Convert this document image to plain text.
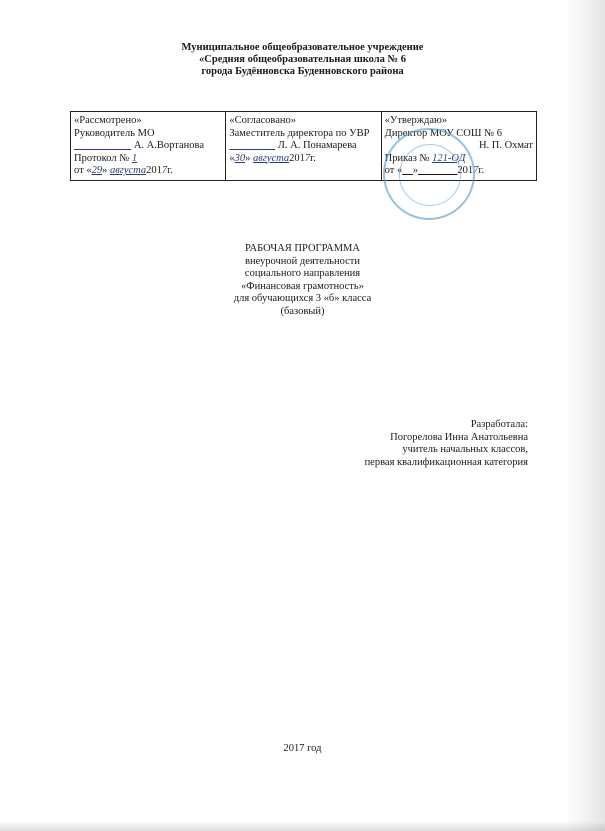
Муниципальное общеобразовательное учреждение
«Средняя общеобразовательная школа № 6
города Будённовска Буденновского района
«Рассмотрено»
Руководитель МО
А. А.Вортанова
Протокол № 1
от «29» августа2017г.

«Согласовано»
Заместитель директора по УВР
Л. А. Понамарева
«30» августа2017г.

«Утверждаю»
Директор МОУ СОШ № 6
Н. П. Охмат
Приказ № 121-ОД
от « »	2017г.
РАБОЧАЯ ПРОГРАММА
внеурочной деятельности
социального направления
«Финансовая грамотность»
для обучающихся 3 «б» класса
(базовый)
Разработала:
Погорелова Инна Анатольевна
учитель начальных классов,
первая квалификационная категория
2017 год
